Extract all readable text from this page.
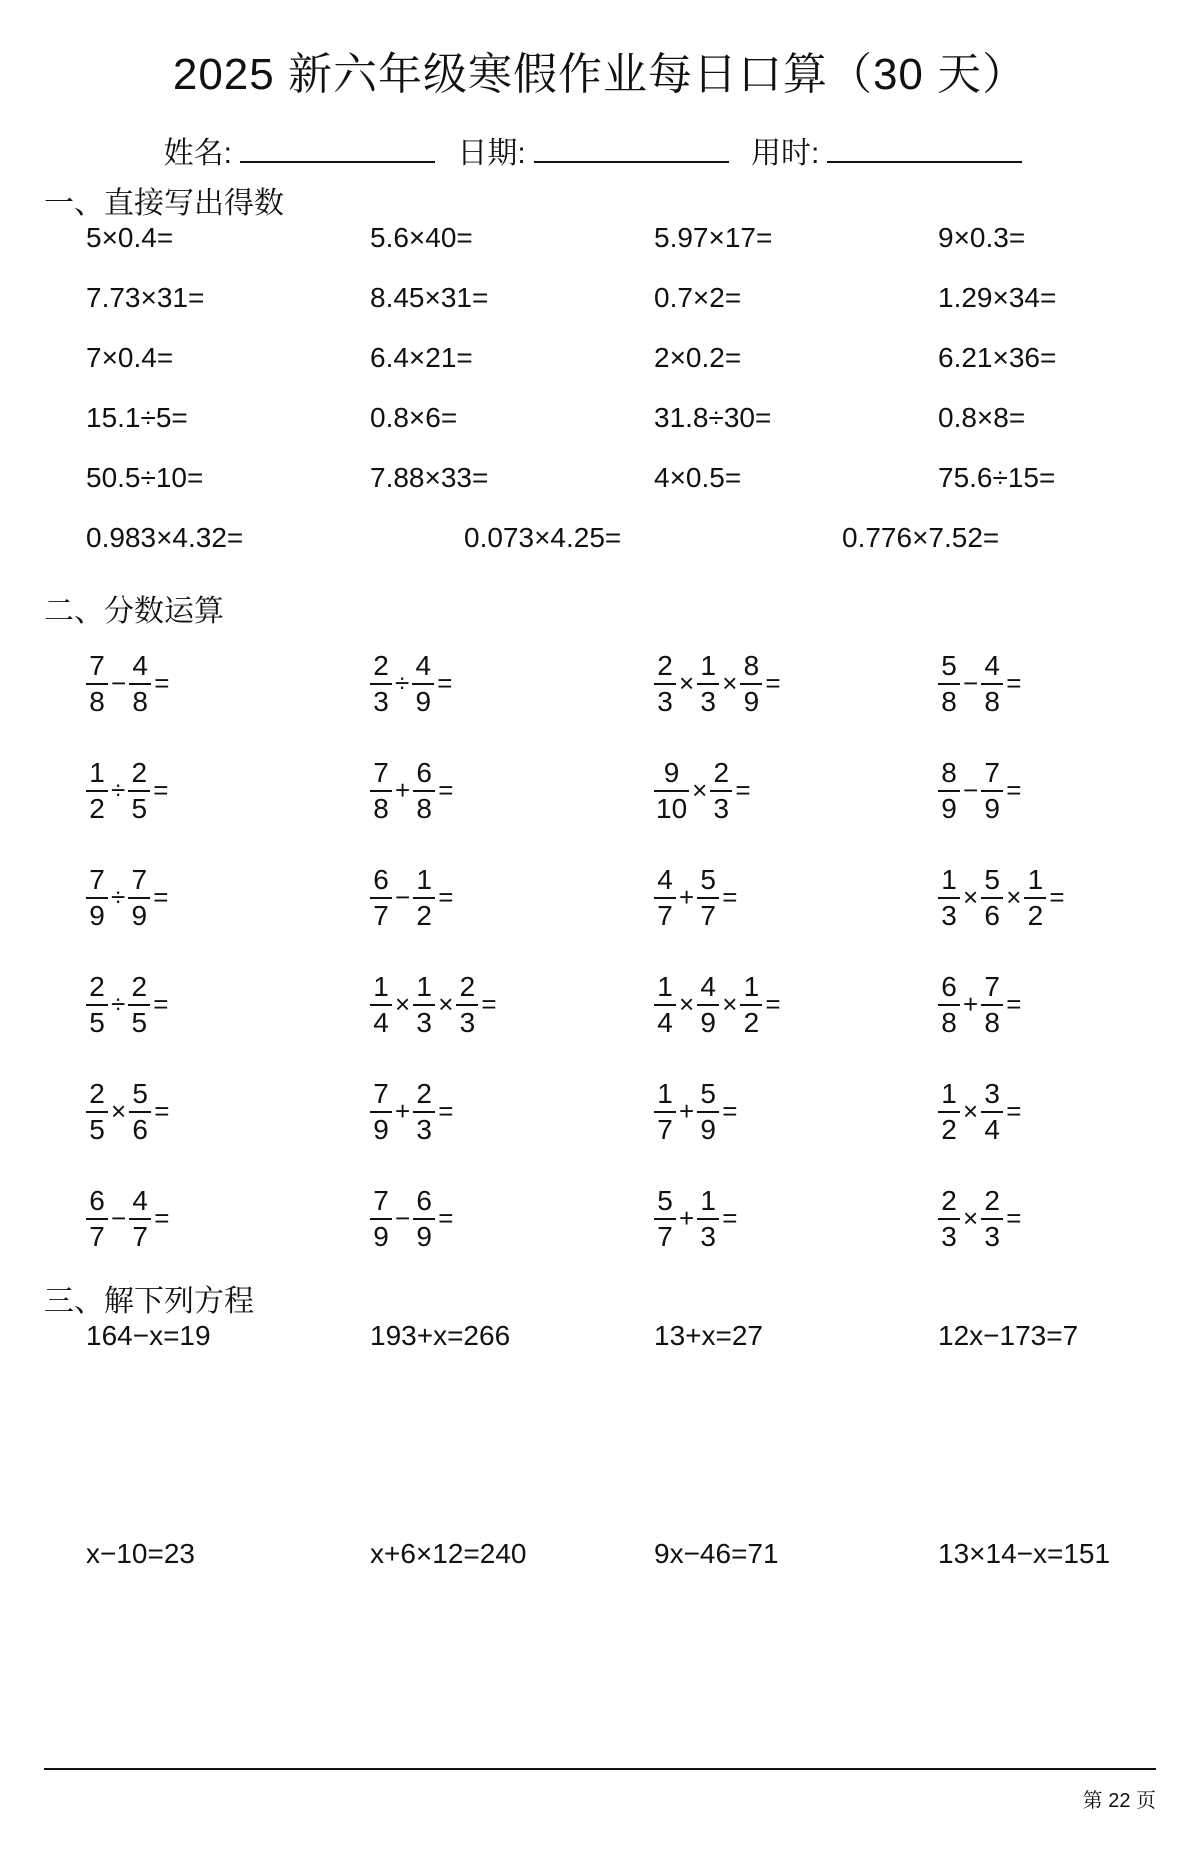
2025 新六年级寒假作业每日口算（30 天）
姓名:	日期:	用时:
一、直接写出得数
5×0.4=	5.6×40=	5.97×17=	9×0.3=
7.73×31=	8.45×31=	0.7×2=	1.29×34=
7×0.4=	6.4×21=	2×0.2=	6.21×36=
15.1÷5=	0.8×6=	31.8÷30=	0.8×8=
50.5÷10=	7.88×33=	4×0.5=	75.6÷15=
0.983×4.32=	0.073×4.25=	0.776×7.52=
二、分数运算
$\frac{7}{8} - \frac{4}{8}$ =	$\frac{2}{3} \div \frac{4}{9}$ =	$\frac{2}{3} \times \frac{1}{3} \times \frac{8}{9}$ =	$\frac{5}{8} - \frac{4}{8}$ =
$\frac{1}{2} \div \frac{2}{5}$ =	$\frac{7}{8} + \frac{6}{8}$ =	$\frac{9}{10} \times \frac{2}{3}$ =	$\frac{8}{9} - \frac{7}{9}$ =
$\frac{7}{9} \div \frac{7}{9}$ =	$\frac{6}{7} - \frac{1}{2}$ =	$\frac{4}{7} + \frac{5}{7}$ =	$\frac{1}{3} \times \frac{5}{6} \times \frac{1}{2}$ =
$\frac{2}{5} \div \frac{2}{5}$ =	$\frac{1}{4} \times \frac{1}{3} \times \frac{2}{3}$ =	$\frac{1}{4} \times \frac{4}{9} \times \frac{1}{2}$ =	$\frac{6}{8} + \frac{7}{8}$ =
$\frac{2}{5} \times \frac{5}{6}$ =	$\frac{7}{9} + \frac{2}{3}$ =	$\frac{1}{7} + \frac{5}{9}$ =	$\frac{1}{2} \times \frac{3}{4}$ =
$\frac{6}{7} - \frac{4}{7}$ =	$\frac{7}{9} - \frac{6}{9}$ =	$\frac{5}{7} + \frac{1}{3}$ =	$\frac{2}{3} \times \frac{2}{3}$ =
三、解下列方程
164−x=19	193+x=266	13+x=27	12x−173=7
x−10=23	x+6×12=240	9x−46=71	13×14−x=151
第 22 页
